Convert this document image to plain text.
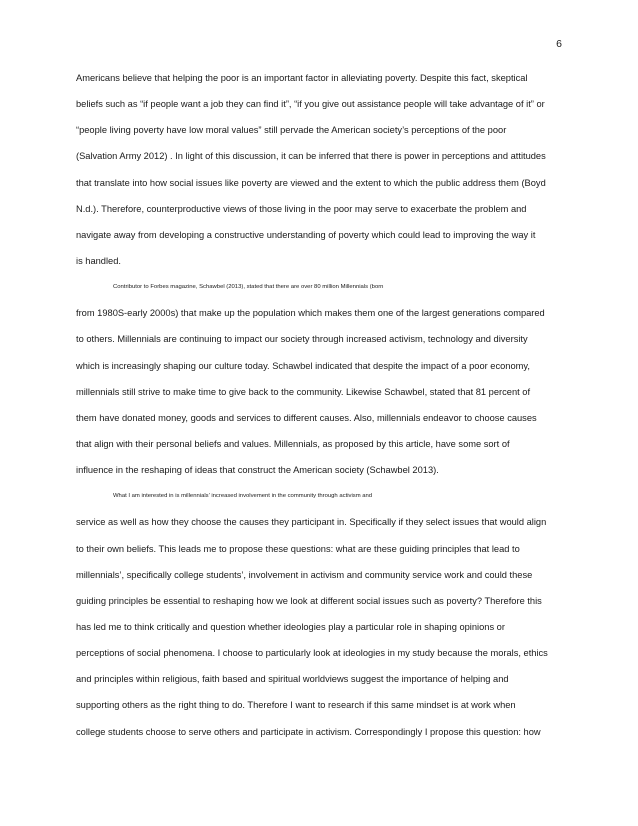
6
Americans believe that helping the poor is an important factor in alleviating poverty. Despite this fact, skeptical
beliefs such as “if people want a job they can find it”, “if you give out assistance people will take advantage of it” or
“people living poverty have low moral values” still pervade the American society’s perceptions of the poor
(Salvation Army 2012) . In light of this discussion, it can be inferred that there is power in perceptions and attitudes
that translate into how social issues like poverty are viewed and the extent to which the public address them (Boyd
N.d.). Therefore, counterproductive views of those living in the poor may serve to exacerbate the problem and
navigate away from developing a constructive understanding of poverty which could lead to improving the way it
is handled.
Contributor to Forbes magazine, Schawbel (2013), stated that there are over 80 million Millennials (born
from 1980S-early 2000s) that make up the population which makes them one of the largest generations compared
to others. Millennials are continuing to impact our society through increased activism, technology and diversity
which is increasingly shaping our culture today. Schawbel indicated that despite the impact of a poor economy,
millennials still strive to make time to give back to the community. Likewise Schawbel, stated that 81 percent of
them have donated money, goods and services to different causes. Also, millennials endeavor to choose causes
that align with their personal beliefs and values. Millennials, as proposed by this article, have some sort of
influence in the reshaping of ideas that construct the American society (Schawbel 2013).
What I am interested in is millennials’ increased involvement in the community through activism and
service as well as how they choose the causes they participant in. Specifically if they select issues that would align
to their own beliefs. This leads me to propose these questions: what are these guiding principles that lead to
millennials’, specifically college students’, involvement in activism and community service work and could these
guiding principles be essential to reshaping how we look at different social issues such as poverty? Therefore this
has led me to think critically and question whether ideologies play a particular role in shaping opinions or
perceptions of social phenomena. I choose to particularly look at ideologies in my study because the morals, ethics
and principles within religious, faith based and spiritual worldviews suggest the importance of helping and
supporting others as the right thing to do. Therefore I want to research if this same mindset is at work when
college students choose to serve others and participate in activism. Correspondingly I propose this question: how
